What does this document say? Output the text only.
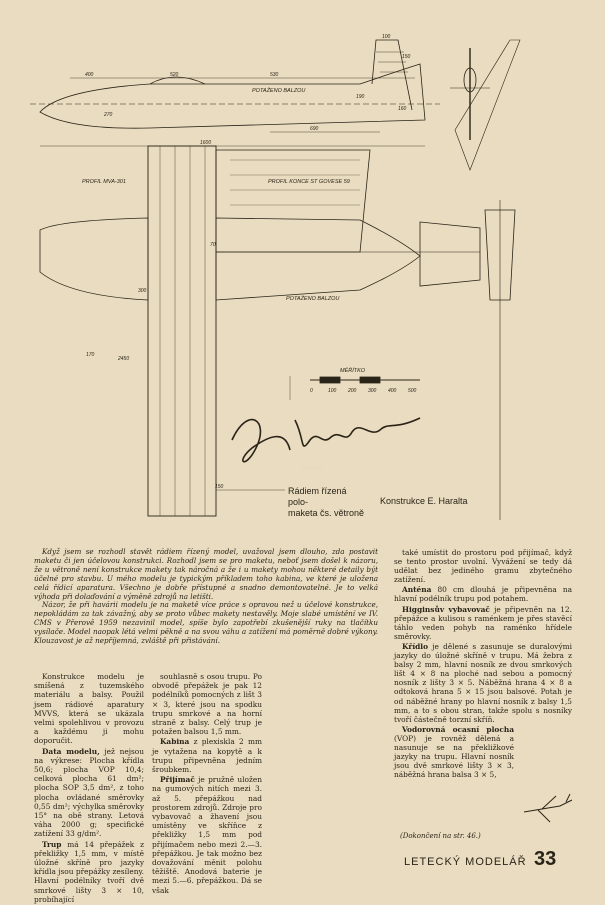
POTAŽENO BALZOU
PROFIL MVA-301	PROFIL KONCE ST GOVESE 59
POTAŽENO BALZOU
MĚŘÍTKO
400	520	530
270
190
160
690
1600
100
150
70
300
2450
170
150
0	100 200 300 400 500
Rádiem řízená polo-
maketa čs. větroně
Konstrukce E. Haralta

Když jsem se rozhodl stavět rádiem řízený model, uvažoval jsem dlouho, zda postavit maketu či jen účelovou konstrukci. Rozhodl jsem se pro maketu, neboť jsem došel k názoru, že u větroně není konstrukce makety tak náročná a že i u makety mohou některé detaily být účelné pro stavbu. U mého modelu je typickým příkladem toho kabina, ve které je uložena celá řídicí aparatura. Všechno je dobře přístupné a snadno demontovatelné. Je to velká výhoda při dolaďování a výměně zdrojů na letišti.

Názor, že při havárii modelu je na maketě více práce s opravou než u účelové konstrukce, nepokládám za tak závažný, aby se proto vůbec makety nestavěly. Moje slabé umístění ve IV. CMS v Přerově 1959 nezavinil model, spíše bylo zapotřebí zkušenější ruky na tlačítku vysílače. Model naopak létá velmi pěkně a na svou váhu a zatížení má poměrně dobré výkony. Klouzavost je až nepříjemná, zvláště při přistávání.

Konstrukce modelu je smíšená z tuzemského materiálu a balsy. Použil jsem rádiové aparatury MVVS, která se ukázala velmi spolehlivou v provozu a každému ji mohu doporučit.

Data modelu, jež nejsou na výkrese: Plocha křídla 50,6; plocha VOP 10,4; celková plocha 61 dm²; plocha SOP 3,5 dm², z toho plocha ovládané směrovky 0,55 dm²; výchylka směrovky 15° na obě strany. Letová váha 2000 g; specifické zatížení 33 g/dm².

Trup má 14 přepážek z překližky 1,5 mm, v místě úložné skříně pro jazyky křídla jsou přepážky zesíleny. Hlavní podélníky tvoří dvě smrkové lišty 3 × 10, probíhající

souhlasně s osou trupu. Po obvodě přepážek je pak 12 podélníků pomocných z lišt 3 × 3, které jsou na spodku trupu smrkové a na horní straně z balsy. Celý trup je potažen balsou 1,5 mm.

Kabina z plexiskla 2 mm je vytažena na kopytě a k trupu připevněna jedním šroubkem.

Přijímač je pružně uložen na gumových nitích mezi 3. až 5. přepážkou nad prostorem zdrojů. Zdroje pro vybavovač a žhavení jsou umístěny ve skříňce z překližky 1,5 mm pod přijímačem nebo mezi 2.—3. přepážkou. Je tak možno bez dovažování měnit polohu těžiště. Anodová baterie je mezi 5.—6. přepážkou. Dá se však

také umístit do prostoru pod přijímač, když se tento prostor uvolní. Vyvážení se tedy dá udělat bez jediného gramu zbytečného zatížení.

Anténa 80 cm dlouhá je připevněna na hlavní podélník trupu pod potahem.

Higginsův vybavovač je připevněn na 12. přepážce a kulisou s raménkem je přes stavěcí táhlo veden pohyb na raménko hřídele směrovky.

Křídlo je dělené s zasunuje se duralovými jazyky do úložné skříně v trupu. Má žebra z balsy 2 mm, hlavní nosník ze dvou smrkových lišt 4 × 8 na ploché nad sebou a pomocný nosník z lišty 3 × 5. Náběžná hrana 4 × 8 a odtoková hrana 5 × 15 jsou balsové. Potah je od náběžné hrany po hlavní nosník z balsy 1,5 mm, a to s obou stran, takže spolu s nosníky tvoří částečně torzní skříň.

Vodorovná ocasní plocha (VOP) je rovněž dělená a nasunuje se na překližkové jazyky na trupu. Hlavní nosník jsou dvě smrkové lišty 3 × 3, náběžná hrana balsa 3 × 5,

(Dokončení na str. 46.)
LETECKÝ MODELÁŘ 33
